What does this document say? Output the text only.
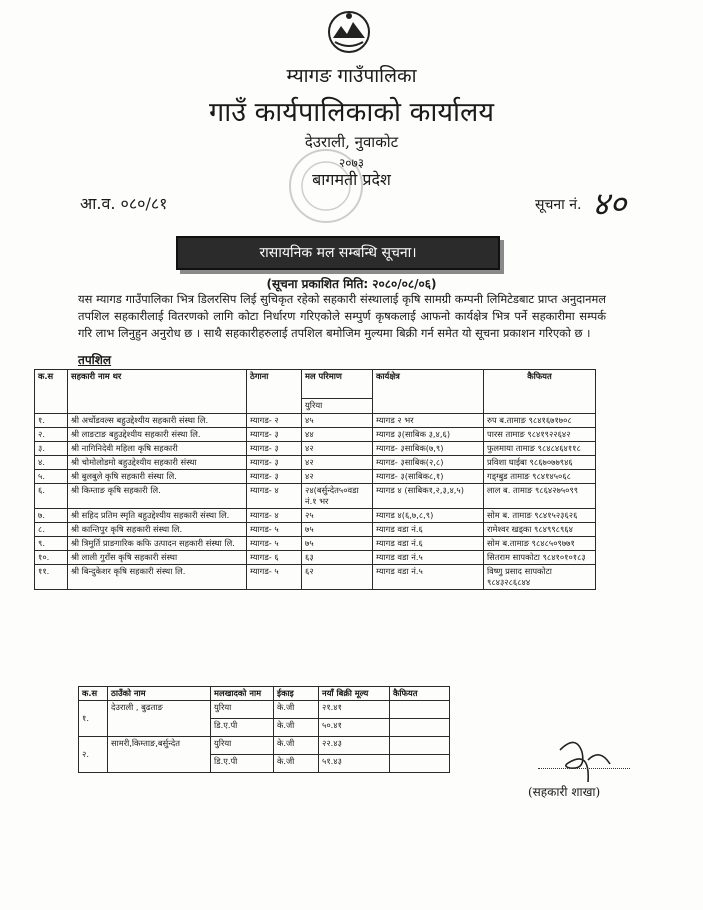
म्यागङ गाउँपालिका
गाउँ कार्यपालिकाको कार्यालय
देउराली, नुवाकोट
२०७३
बागमती प्रदेश
आ.व. ०८०/८१	सूचना नं. ४०
रासायनिक मल सम्बन्धि सूचना।
(सूचना प्रकाशित मिति: २०८०/०८/०६)
यस म्यागड गाउँपालिका भित्र डिलरसिप लिई सुचिकृत रहेको सहकारी संस्थालाई कृषि सामग्री कम्पनी लिमिटेडबाट प्राप्त अनुदानमल तपशिल सहकारीलाई वितरणको लागि कोटा निर्धारण गरिएकोले सम्पुर्ण कृषकलाई आफनो कार्यक्षेत्र भित्र पर्ने सहकारीमा सम्पर्क गरि लाभ लिनुहुन अनुरोध छ । साथै सहकारीहरुलाई तपशिल बमोजिम मुल्यमा बिक्री गर्न समेत यो सूचना प्रकाशन गरिएको छ ।
तपशिल
क.स	सहकारी नाम थर	ठेगाना	मल परिमाण	कार्यक्षेत्र	कैफियत
			युरिया		
१.	श्री अर्चोडवल्स बहुउद्देश्यीय सहकारी संस्था लि.	म्यागड- २	४५	म्यागड २ भर	रुप ब.तामाङ ९८४१६७१७०८
२.	श्री लाङटाङ बहुउद्देश्यीय सहकारी संस्था लि.	म्यागड- ३	४४	म्यागड ३(साबिक ३,४,६)	पारस तामाङ ९८४१९२२६४२
३.	श्री नागिनिदेवी महिला कृषि सहकारी	म्यागड- ३	४२	म्यागड- ३साबिक(७,९)	फुलमाया तामाङ ९८४८४६४११८
४.	श्री चोमोलोडमो बहुउद्देश्यीय सहकारी संस्था	म्यागड- ३	४२	म्यागड- ३साबिक(२,८)	प्रविशा घाईबा ९८६७०७७९४६
५.	श्री बुलबुले कृषि सहकारी संस्था लि.	म्यागड- ३	४२	म्यागड- ३(साबिक८,१)	गड्ग्बुड तामाङ ९८४१४५०६८
६.	श्री किम्ताङ कृषि सहकारी लि.	म्यागड- ४	२४(बर्सुन्देत५०वडा नं.१ भर	म्यागड ४ (साबिक१,२,३,४,५)	लाल ब. तामाङ ९८६४२७५०९९
७.	श्री सहिद प्रतिम स्मृति बहुउद्देश्यीय सहकारी संस्था लि.	म्यागड- ४	२५	म्यागड ४(६,७,८,९)	सोम ब. तामाङ ९८४१५२३६२६
८.	श्री कान्तिपुर कृषि सहकारी संस्था लि.	म्यागड- ५	७५	म्यागड वडा नं.६	रामेश्वर खड्का ९८४९९८९६४
९.	श्री त्रिमुर्ति प्राङगारिक कफि उत्पादन सहकारी संस्था लि.	म्यागड- ५	७५	म्यागड वडा नं.६	सोम ब.तामाङ ९८४८५०९७७१
१०.	श्री लाली गुराँस कृषि सहकारी संस्था	म्यागड- ६	६३	म्यागड वडा नं.५	सितराम सापकोटा ९८४१०१०१८३
११.	श्री बिन्दुकेशर कृषि सहकारी संस्था लि.	म्यागड- ५	६२	म्यागड वडा नं.५	विष्णु प्रसाद सापकोटा ९८४३२८६८४४
क.स	ठाउँको नाम	मलखादको नाम	ईकाइ	नयाँ बिक्री मूल्य	कैफियत
१.	देउराली , बुढताङ	युरिया	के.जी	२१.४१	
		डि.ए.पी	के.जी	५०.४१	
२.	सामरी,किम्ताङ,बर्सुन्देत	युरिया	के.जी	२२.४३	
		डि.ए.पी	के.जी	५१.४३	
(सहकारी शाखा)
